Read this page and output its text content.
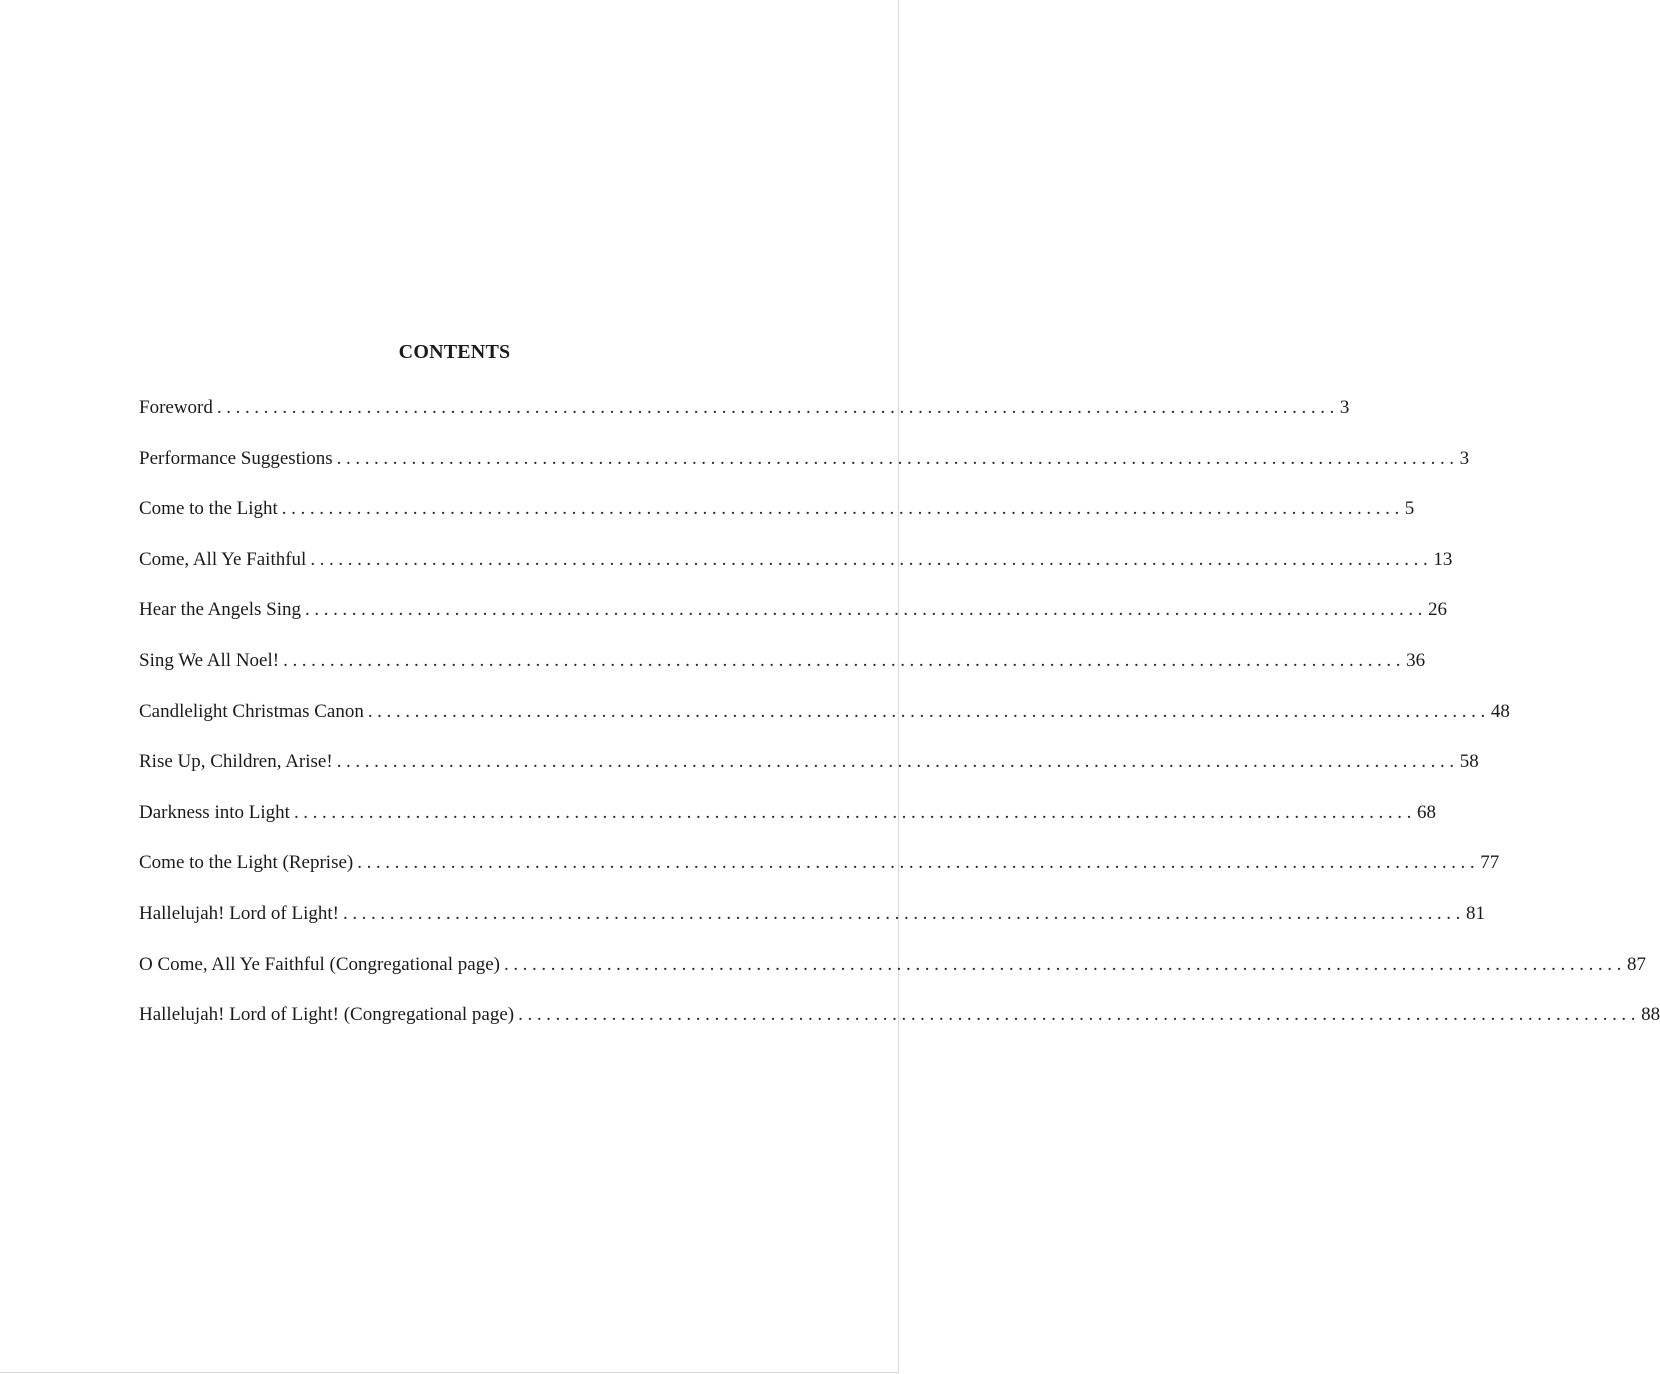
CONTENTS
Foreword ........................................................................................................................ 3
Performance Suggestions ........................................................................................................................ 3
Come to the Light ........................................................................................................................ 5
Come, All Ye Faithful ........................................................................................................................ 13
Hear the Angels Sing ........................................................................................................................ 26
Sing We All Noel! ........................................................................................................................ 36
Candlelight Christmas Canon ........................................................................................................................ 48
Rise Up, Children, Arise! ........................................................................................................................ 58
Darkness into Light ........................................................................................................................ 68
Come to the Light (Reprise) ........................................................................................................................ 77
Hallelujah! Lord of Light! ........................................................................................................................ 81
O Come, All Ye Faithful (Congregational page) ........................................................................................................................ 87
Hallelujah! Lord of Light! (Congregational page) ........................................................................................................................ 88
